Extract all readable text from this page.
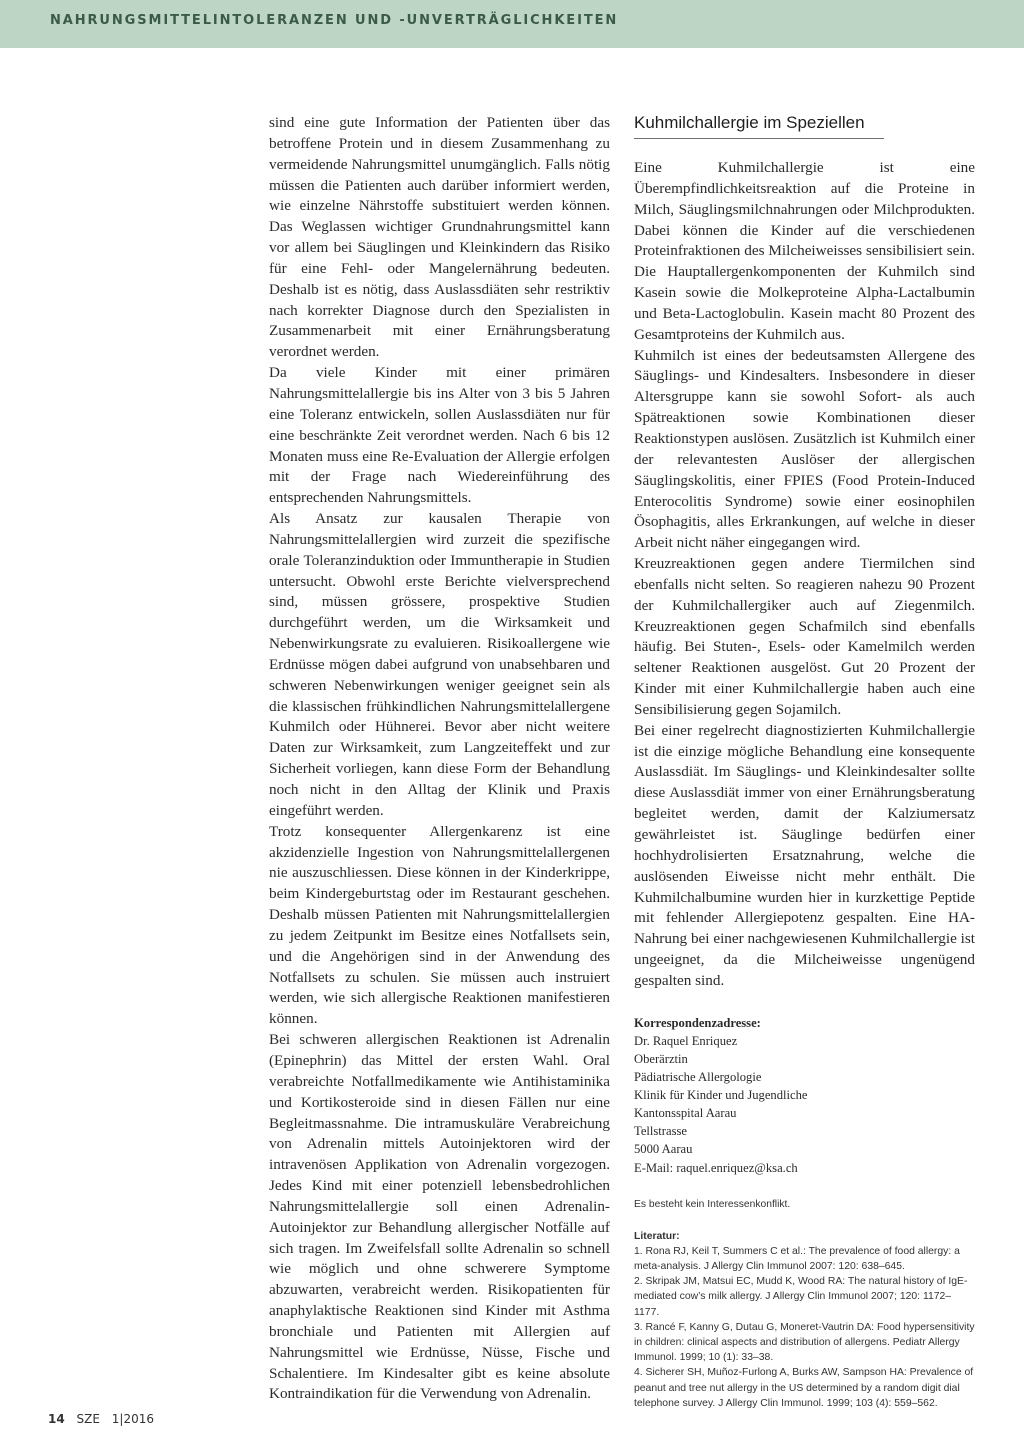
NAHRUNGSMITTELINTOLERANZEN UND -UNVERTRÄGLICHKEITEN

sind eine gute Information der Patienten über das betroffene Protein und in diesem Zusammenhang zu vermeidende Nahrungsmittel unumgänglich. Falls nötig müssen die Patienten auch darüber informiert werden, wie einzelne Nährstoffe substituiert werden können. Das Weglassen wichtiger Grundnahrungsmittel kann vor allem bei Säuglingen und Kleinkindern das Risiko für eine Fehl- oder Mangelernährung bedeuten. Deshalb ist es nötig, dass Auslassdiäten sehr restriktiv nach korrekter Diagnose durch den Spezialisten in Zusammenarbeit mit einer Ernährungsberatung verordnet werden.

Da viele Kinder mit einer primären Nahrungsmittelallergie bis ins Alter von 3 bis 5 Jahren eine Toleranz entwickeln, sollen Auslassdiäten nur für eine beschränkte Zeit verordnet werden. Nach 6 bis 12 Monaten muss eine Re-Evaluation der Allergie erfolgen mit der Frage nach Wiedereinführung des entsprechenden Nahrungsmittels.

Als Ansatz zur kausalen Therapie von Nahrungsmittelallergien wird zurzeit die spezifische orale Toleranzinduktion oder Immuntherapie in Studien untersucht. Obwohl erste Berichte vielversprechend sind, müssen grössere, prospektive Studien durchgeführt werden, um die Wirksamkeit und Nebenwirkungsrate zu evaluieren. Risikoallergene wie Erdnüsse mögen dabei aufgrund von unabsehbaren und schweren Nebenwirkungen weniger geeignet sein als die klassischen frühkindlichen Nahrungsmittelallergene Kuhmilch oder Hühnerei. Bevor aber nicht weitere Daten zur Wirksamkeit, zum Langzeiteffekt und zur Sicherheit vorliegen, kann diese Form der Behandlung noch nicht in den Alltag der Klinik und Praxis eingeführt werden.

Trotz konsequenter Allergenkarenz ist eine akzidenzielle Ingestion von Nahrungsmittelallergenen nie auszuschliessen. Diese können in der Kinderkrippe, beim Kindergeburtstag oder im Restaurant geschehen. Deshalb müssen Patienten mit Nahrungsmittelallergien zu jedem Zeitpunkt im Besitze eines Notfallsets sein, und die Angehörigen sind in der Anwendung des Notfallsets zu schulen. Sie müssen auch instruiert werden, wie sich allergische Reaktionen manifestieren können.

Bei schweren allergischen Reaktionen ist Adrenalin (Epinephrin) das Mittel der ersten Wahl. Oral verabreichte Notfallmedikamente wie Antihistaminika und Kortikosteroide sind in diesen Fällen nur eine Begleitmassnahme. Die intramuskuläre Verabreichung von Adrenalin mittels Autoinjektoren wird der intravenösen Applikation von Adrenalin vorgezogen. Jedes Kind mit einer potenziell lebensbedrohlichen Nahrungsmittelallergie soll einen Adrenalin-Autoinjektor zur Behandlung allergischer Notfälle auf sich tragen. Im Zweifelsfall sollte Adrenalin so schnell wie möglich und ohne schwerere Symptome abzuwarten, verabreicht werden. Risikopatienten für anaphylaktische Reaktionen sind Kinder mit Asthma bronchiale und Patienten mit Allergien auf Nahrungsmittel wie Erdnüsse, Nüsse, Fische und Schalentiere. Im Kindesalter gibt es keine absolute Kontraindikation für die Verwendung von Adrenalin.

Kuhmilchallergie im Speziellen

Eine Kuhmilchallergie ist eine Überempfindlichkeitsreaktion auf die Proteine in Milch, Säuglingsmilchnahrungen oder Milchprodukten. Dabei können die Kinder auf die verschiedenen Proteinfraktionen des Milcheiweisses sensibilisiert sein. Die Hauptallergenkomponenten der Kuhmilch sind Kasein sowie die Molkeproteine Alpha-Lactalbumin und Beta-Lactoglobulin. Kasein macht 80 Prozent des Gesamtproteins der Kuhmilch aus.

Kuhmilch ist eines der bedeutsamsten Allergene des Säuglings- und Kindesalters. Insbesondere in dieser Altersgruppe kann sie sowohl Sofort- als auch Spätreaktionen sowie Kombinationen dieser Reaktionstypen auslösen. Zusätzlich ist Kuhmilch einer der relevantesten Auslöser der allergischen Säuglingskolitis, einer FPIES (Food Protein-Induced Enterocolitis Syndrome) sowie einer eosinophilen Ösophagitis, alles Erkrankungen, auf welche in dieser Arbeit nicht näher eingegangen wird.

Kreuzreaktionen gegen andere Tiermilchen sind ebenfalls nicht selten. So reagieren nahezu 90 Prozent der Kuhmilchallergiker auch auf Ziegenmilch. Kreuzreaktionen gegen Schafmilch sind ebenfalls häufig. Bei Stuten-, Esels- oder Kamelmilch werden seltener Reaktionen ausgelöst. Gut 20 Prozent der Kinder mit einer Kuhmilchallergie haben auch eine Sensibilisierung gegen Sojamilch.

Bei einer regelrecht diagnostizierten Kuhmilchallergie ist die einzige mögliche Behandlung eine konsequente Auslassdiät. Im Säuglings- und Kleinkindesalter sollte diese Auslassdiät immer von einer Ernährungsberatung begleitet werden, damit der Kalziumersatz gewährleistet ist. Säuglinge bedürfen einer hochhydrolisierten Ersatznahrung, welche die auslösenden Eiweisse nicht mehr enthält. Die Kuhmilchalbumine wurden hier in kurzkettige Peptide mit fehlender Allergiepotenz gespalten. Eine HA-Nahrung bei einer nachgewiesenen Kuhmilchallergie ist ungeeignet, da die Milcheiweisse ungenügend gespalten sind.

Korrespondenzadresse:
Dr. Raquel Enriquez
Oberärztin
Pädiatrische Allergologie
Klinik für Kinder und Jugendliche
Kantonsspital Aarau
Tellstrasse
5000 Aarau
E-Mail: raquel.enriquez@ksa.ch
Es besteht kein Interessenkonflikt.
Literatur:
1. Rona RJ, Keil T, Summers C et al.: The prevalence of food allergy: a meta-analysis. J Allergy Clin Immunol 2007: 120: 638–645.
2. Skripak JM, Matsui EC, Mudd K, Wood RA: The natural history of IgE-mediated cow’s milk allergy. J Allergy Clin Immunol 2007; 120: 1172–1177.
3. Rancé F, Kanny G, Dutau G, Moneret-Vautrin DA: Food hypersensitivity in children: clinical aspects and distribution of allergens. Pediatr Allergy Immunol. 1999; 10 (1): 33–38.
4. Sicherer SH, Muñoz-Furlong A, Burks AW, Sampson HA: Prevalence of peanut and tree nut allergy in the US determined by a random digit dial telephone survey. J Allergy Clin Immunol. 1999; 103 (4): 559–562.
14 SZE 1|2016
